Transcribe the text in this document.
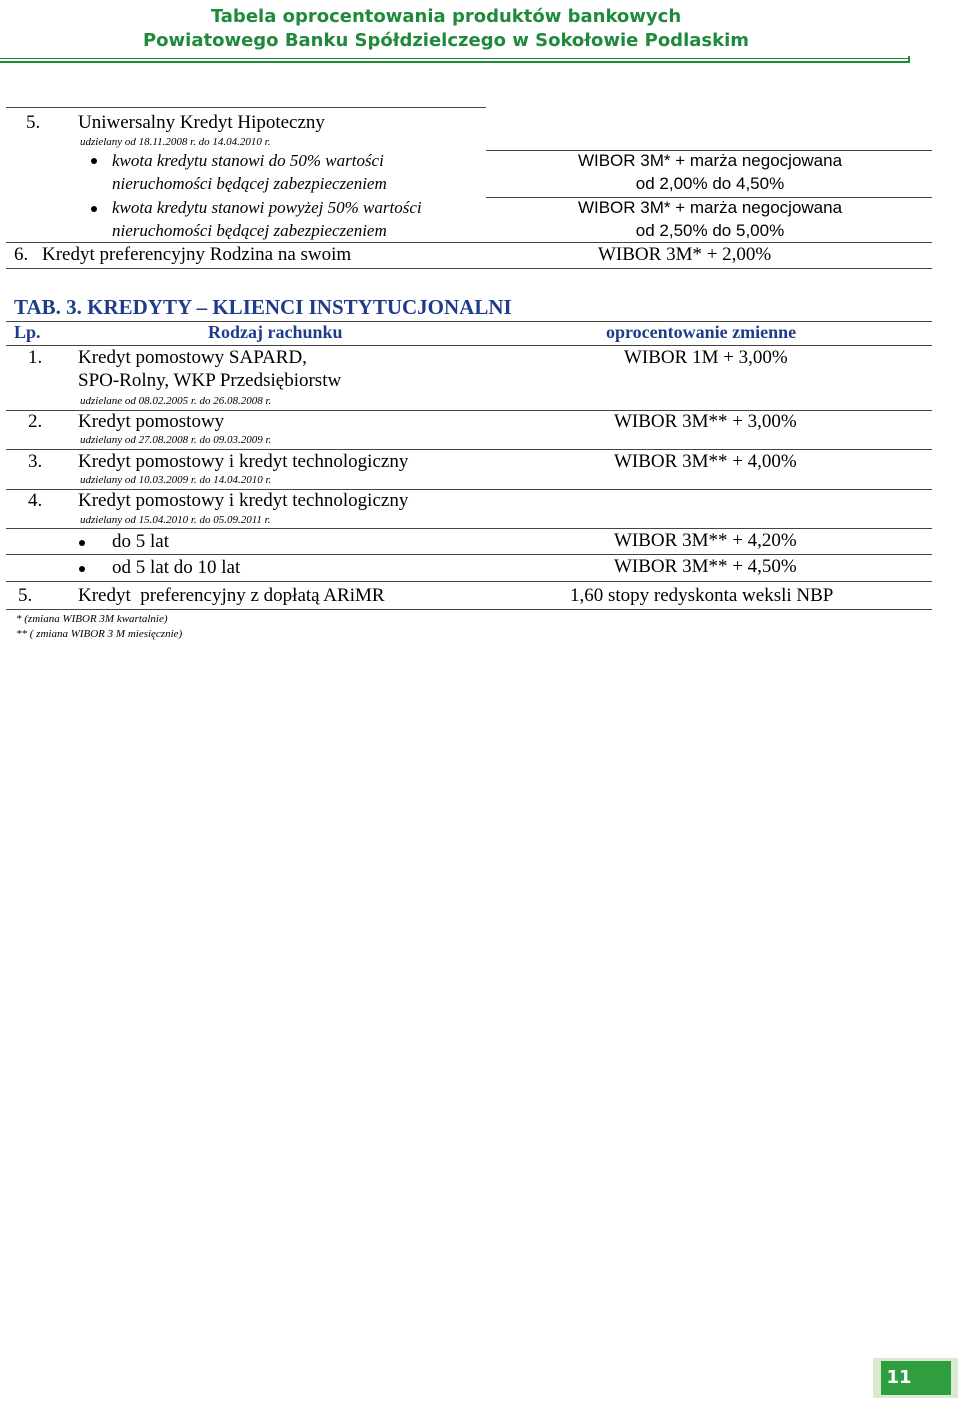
Tabela oprocentowania produktów bankowych
Powiatowego Banku Spółdzielczego w Sokołowie Podlaskim
5. Uniwersalny Kredyt Hipoteczny
udzielany od 18.11.2008 r. do 14.04.2010 r.
kwota kredytu stanowi do 50% wartości
nieruchomości będącej zabezpieczeniem
WIBOR 3M* + marża negocjowana
od 2,00% do 4,50%
kwota kredytu stanowi powyżej 50% wartości
nieruchomości będącej zabezpieczeniem
WIBOR 3M* + marża negocjowana
od 2,50% do 5,00%
6. Kredyt preferencyjny Rodzina na swoim	WIBOR 3M* + 2,00%
TAB. 3. KREDYTY – KLIENCI INSTYTUCJONALNI
Lp.	Rodzaj rachunku	oprocentowanie zmienne
1. Kredyt pomostowy SAPARD,
SPO-Rolny, WKP Przedsiębiorstw
udzielane od 08.02.2005 r. do 26.08.2008 r.
WIBOR 1M + 3,00%
2. Kredyt pomostowy
udzielany od 27.08.2008 r. do 09.03.2009 r.
WIBOR 3M** + 3,00%
3. Kredyt pomostowy i kredyt technologiczny
udzielany od 10.03.2009 r. do 14.04.2010 r.
WIBOR 3M** + 4,00%
4. Kredyt pomostowy i kredyt technologiczny
udzielany od 15.04.2010 r. do 05.09.2011 r.
do 5 lat	WIBOR 3M** + 4,20%
od 5 lat do 10 lat	WIBOR 3M** + 4,50%
5. Kredyt  preferencyjny z dopłatą ARiMR	1,60 stopy redyskonta weksli NBP
* (zmiana WIBOR 3M kwartalnie)
** ( zmiana WIBOR 3 M miesięcznie)
11
